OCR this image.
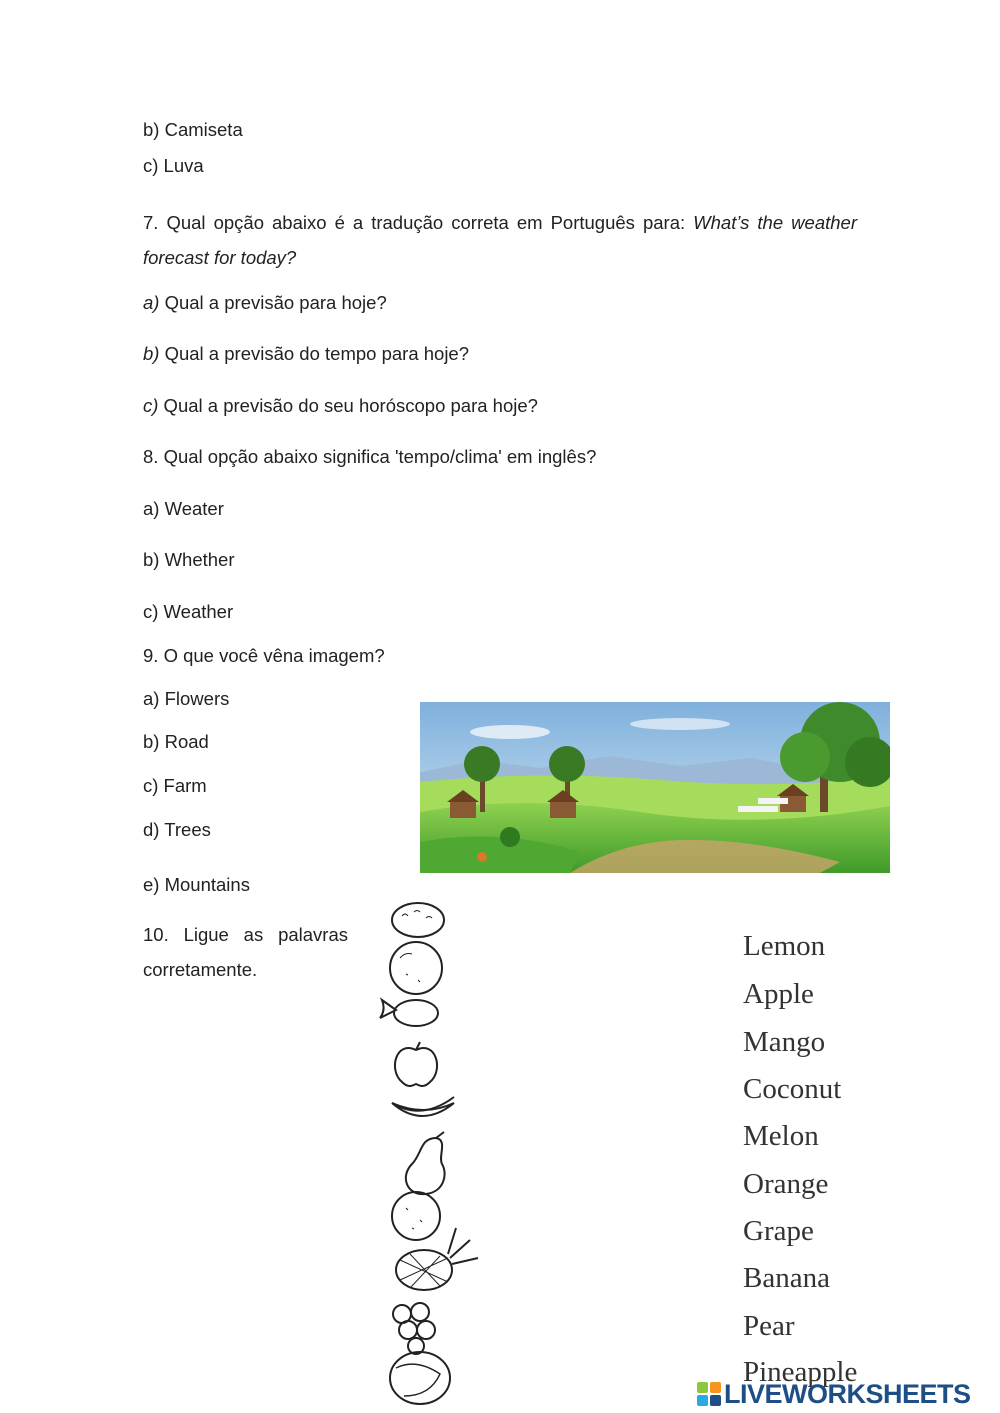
b) Camiseta
c) Luva
7. Qual opção abaixo é a tradução correta em Português para: What’s the weather forecast for today?
a) Qual a previsão para hoje?
b) Qual a previsão do tempo para hoje?
c) Qual a previsão do seu horóscopo para hoje?
8. Qual opção abaixo significa 'tempo/clima' em inglês?
a) Weater
b) Whether
c) Weather
9. O que você vêna imagem?
a) Flowers
b) Road
c) Farm
d) Trees
e) Mountains
10. Ligue as palavras corretamente.
Lemon
Apple
Mango
Coconut
Melon
Orange
Grape
Banana
Pear
Pineapple
LIVEWORKSHEETS
